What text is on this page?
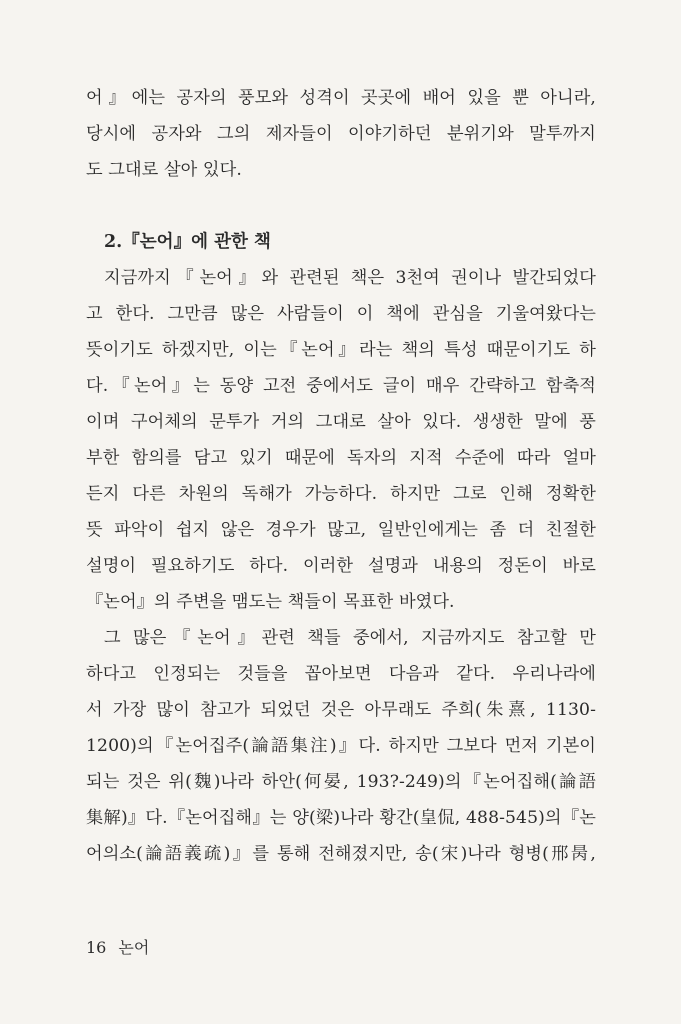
어』에는 공자의 풍모와 성격이 곳곳에 배어 있을 뿐 아니라,
당시에 공자와 그의 제자들이 이야기하던 분위기와 말투까지
도 그대로 살아 있다.
2.『논어』에 관한 책
지금까지『논어』와 관련된 책은 3천여 권이나 발간되었다
고 한다. 그만큼 많은 사람들이 이 책에 관심을 기울여왔다는
뜻이기도 하겠지만, 이는『논어』라는 책의 특성 때문이기도 하
다.『논어』는 동양 고전 중에서도 글이 매우 간략하고 함축적
이며 구어체의 문투가 거의 그대로 살아 있다. 생생한 말에 풍
부한 함의를 담고 있기 때문에 독자의 지적 수준에 따라 얼마
든지 다른 차원의 독해가 가능하다. 하지만 그로 인해 정확한
뜻 파악이 쉽지 않은 경우가 많고, 일반인에게는 좀 더 친절한
설명이 필요하기도 하다. 이러한 설명과 내용의 정돈이 바로
『논어』의 주변을 맴도는 책들이 목표한 바였다.
그 많은『논어』관련 책들 중에서, 지금까지도 참고할 만
하다고 인정되는 것들을 꼽아보면 다음과 같다. 우리나라에
서 가장 많이 참고가 되었던 것은 아무래도 주희(朱熹, 1130-
1200)의『논어집주(論語集注)』다. 하지만 그보다 먼저 기본이
되는 것은 위(魏)나라 하안(何晏, 193?-249)의『논어집해(論語
集解)』다.『논어집해』는 양(梁)나라 황간(皇侃, 488-545)의『논
어의소(論語義疏)』를 통해 전해졌지만, 송(宋)나라 형병(邢昺,
16 논어
